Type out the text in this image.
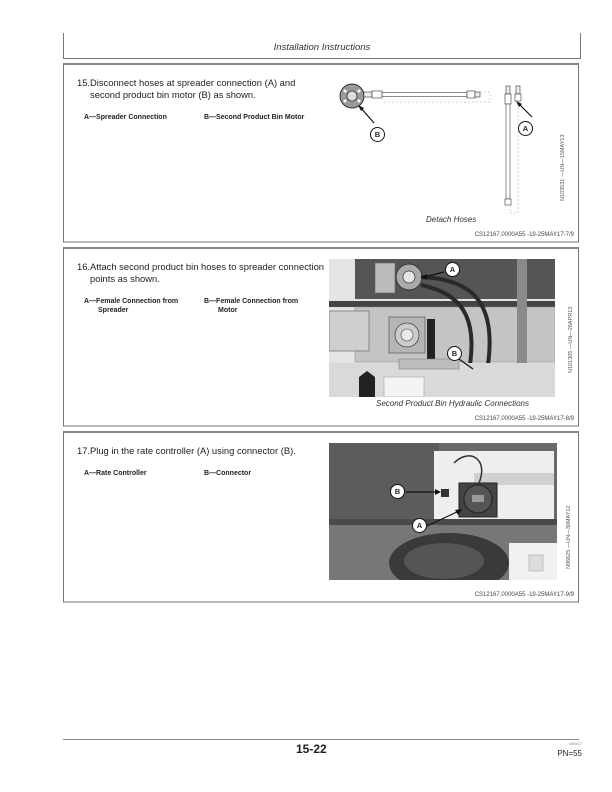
Installation Instructions
15. Disconnect hoses at spreader connection (A) and second product bin motor (B) as shown.
A—Spreader Connection	B—Second Product Bin Motor
B
A
Detach Hoses
N103531 —UN—15MAY13
CS12167,0000A55 -19-25MAY17-7/9
16. Attach second product bin hoses to spreader connection points as shown.
A—Female Connection from
Spreader
B—Female Connection from
Motor
A
B
Second Product Bin Hydraulic Connections
N101305 —UN—26APR13
CS12167,0000A55 -19-25MAY17-8/9
17. Plug in the rate controller (A) using connector (B).
A—Rate Controller	B—Connector
B
A	N96625 —UN—30MAY12
CS12167,0000A55 -19-25MAY17-9/9
15-22	050517
PN=55
